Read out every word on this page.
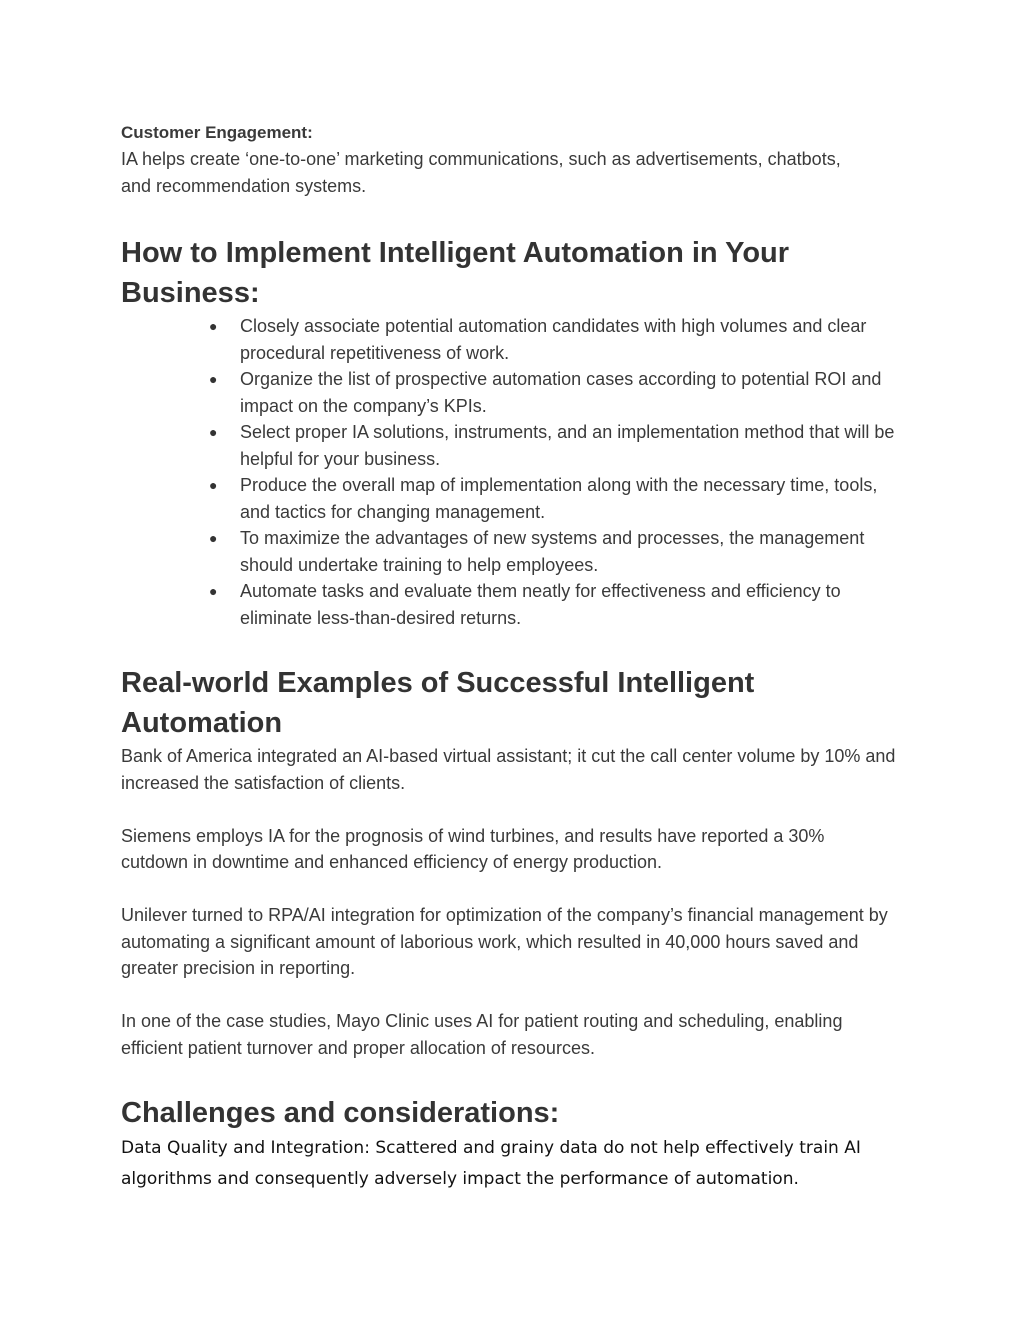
Customer Engagement:

IA helps create ‘one-to-one’ marketing communications, such as advertisements, chatbots, and recommendation systems.

How to Implement Intelligent Automation in Your Business:
● Closely associate potential automation candidates with high volumes and clear procedural repetitiveness of work.
● Organize the list of prospective automation cases according to potential ROI and impact on the company’s KPIs.
● Select proper IA solutions, instruments, and an implementation method that will be helpful for your business.
● Produce the overall map of implementation along with the necessary time, tools, and tactics for changing management.
● To maximize the advantages of new systems and processes, the management should undertake training to help employees.
● Automate tasks and evaluate them neatly for effectiveness and efficiency to eliminate less-than-desired returns.
Real-world Examples of Successful Intelligent Automation

Bank of America integrated an AI-based virtual assistant; it cut the call center volume by 10% and increased the satisfaction of clients.

Siemens employs IA for the prognosis of wind turbines, and results have reported a 30% cutdown in downtime and enhanced efficiency of energy production.

Unilever turned to RPA/AI integration for optimization of the company’s financial management by automating a significant amount of laborious work, which resulted in 40,000 hours saved and greater precision in reporting.

In one of the case studies, Mayo Clinic uses AI for patient routing and scheduling, enabling efficient patient turnover and proper allocation of resources.

Challenges and considerations:

Data Quality and Integration: Scattered and grainy data do not help effectively train AI algorithms and consequently adversely impact the performance of automation.
